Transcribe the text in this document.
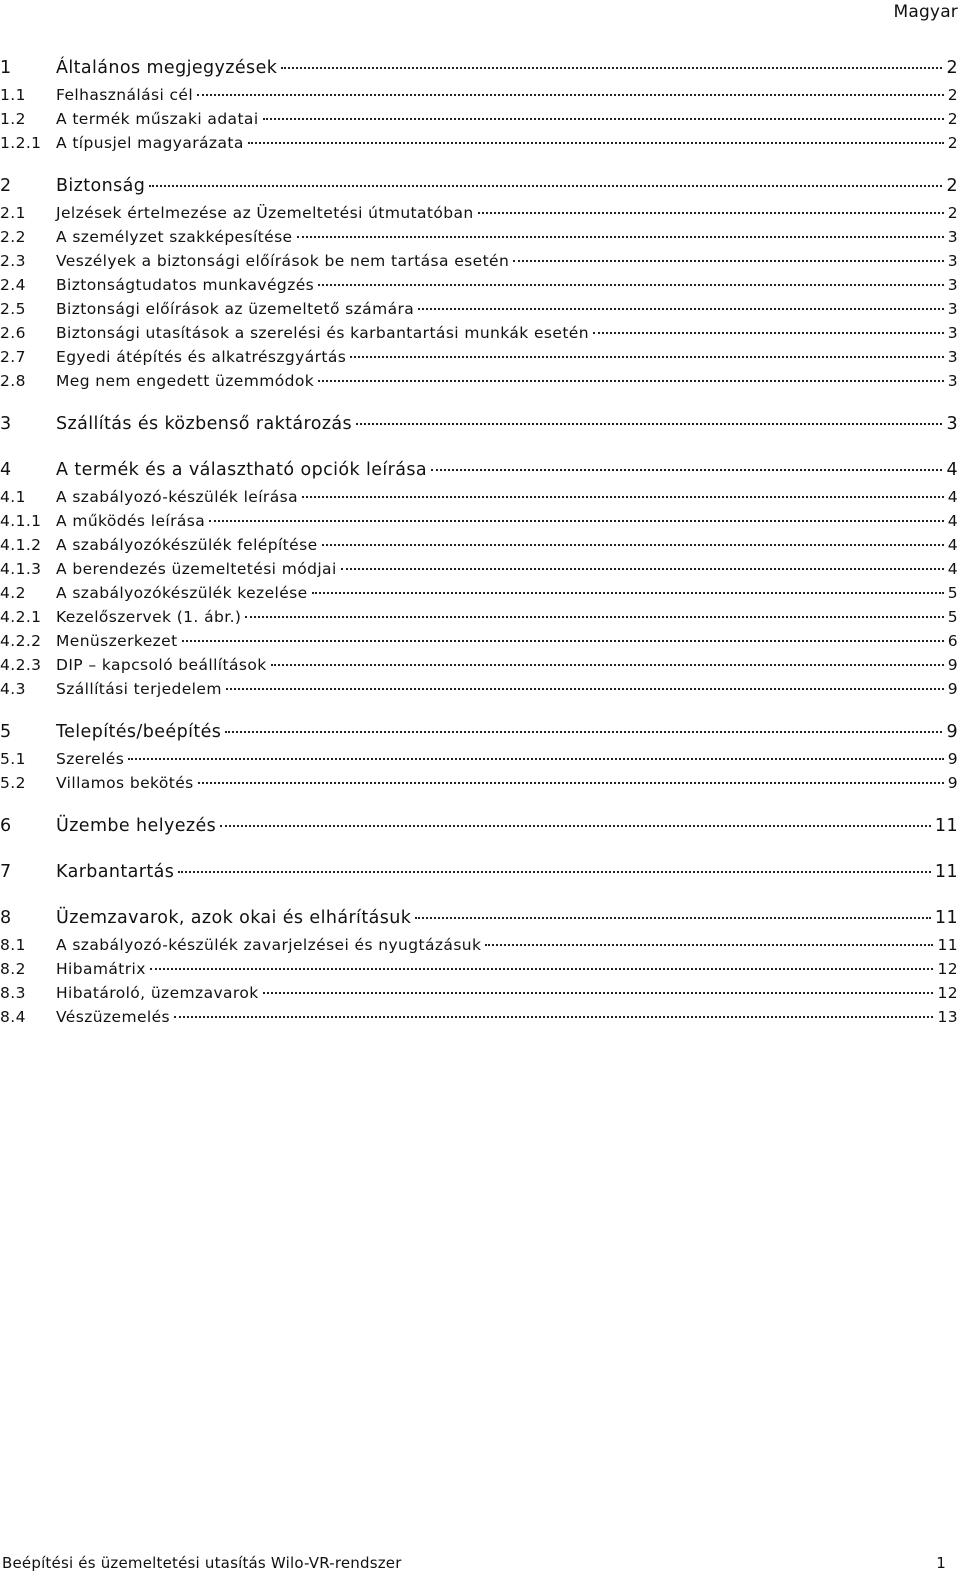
Magyar
1	Általános megjegyzések	2
1.1	Felhasználási cél	2
1.2	A termék műszaki adatai	2
1.2.1 A típusjel magyarázata	2
2	Biztonság	2
2.1	Jelzések értelmezése az Üzemeltetési útmutatóban	2
2.2	A személyzet szakképesítése	3
2.3	Veszélyek a biztonsági előírások be nem tartása esetén	3
2.4	Biztonságtudatos munkavégzés	3
2.5	Biztonsági előírások az üzemeltető számára	3
2.6	Biztonsági utasítások a szerelési és karbantartási munkák esetén	3
2.7	Egyedi átépítés és alkatrészgyártás	3
2.8	Meg nem engedett üzemmódok	3
3	Szállítás és közbenső raktározás	3
4	A termék és a választható opciók leírása	4
4.1	A szabályozó-készülék leírása	4
4.1.1 A működés leírása	4
4.1.2 A szabályozókészülék felépítése	4
4.1.3 A berendezés üzemeltetési módjai	4
4.2	A szabályozókészülék kezelése	5
4.2.1 Kezelőszervek (1. ábr.)	5
4.2.2 Menüszerkezet	6
4.2.3 DIP – kapcsoló beállítások	9
4.3	Szállítási terjedelem	9
5	Telepítés/beépítés	9
5.1	Szerelés	9
5.2	Villamos bekötés	9
6	Üzembe helyezés	11
7	Karbantartás	11
8	Üzemzavarok, azok okai és elhárításuk	11
8.1	A szabályozó-készülék zavarjelzései és nyugtázásuk	11
8.2	Hibamátrix	12
8.3	Hibatároló, üzemzavarok	12
8.4	Vészüzemelés	13
Beépítési és üzemeltetési utasítás Wilo-VR-rendszer	1
